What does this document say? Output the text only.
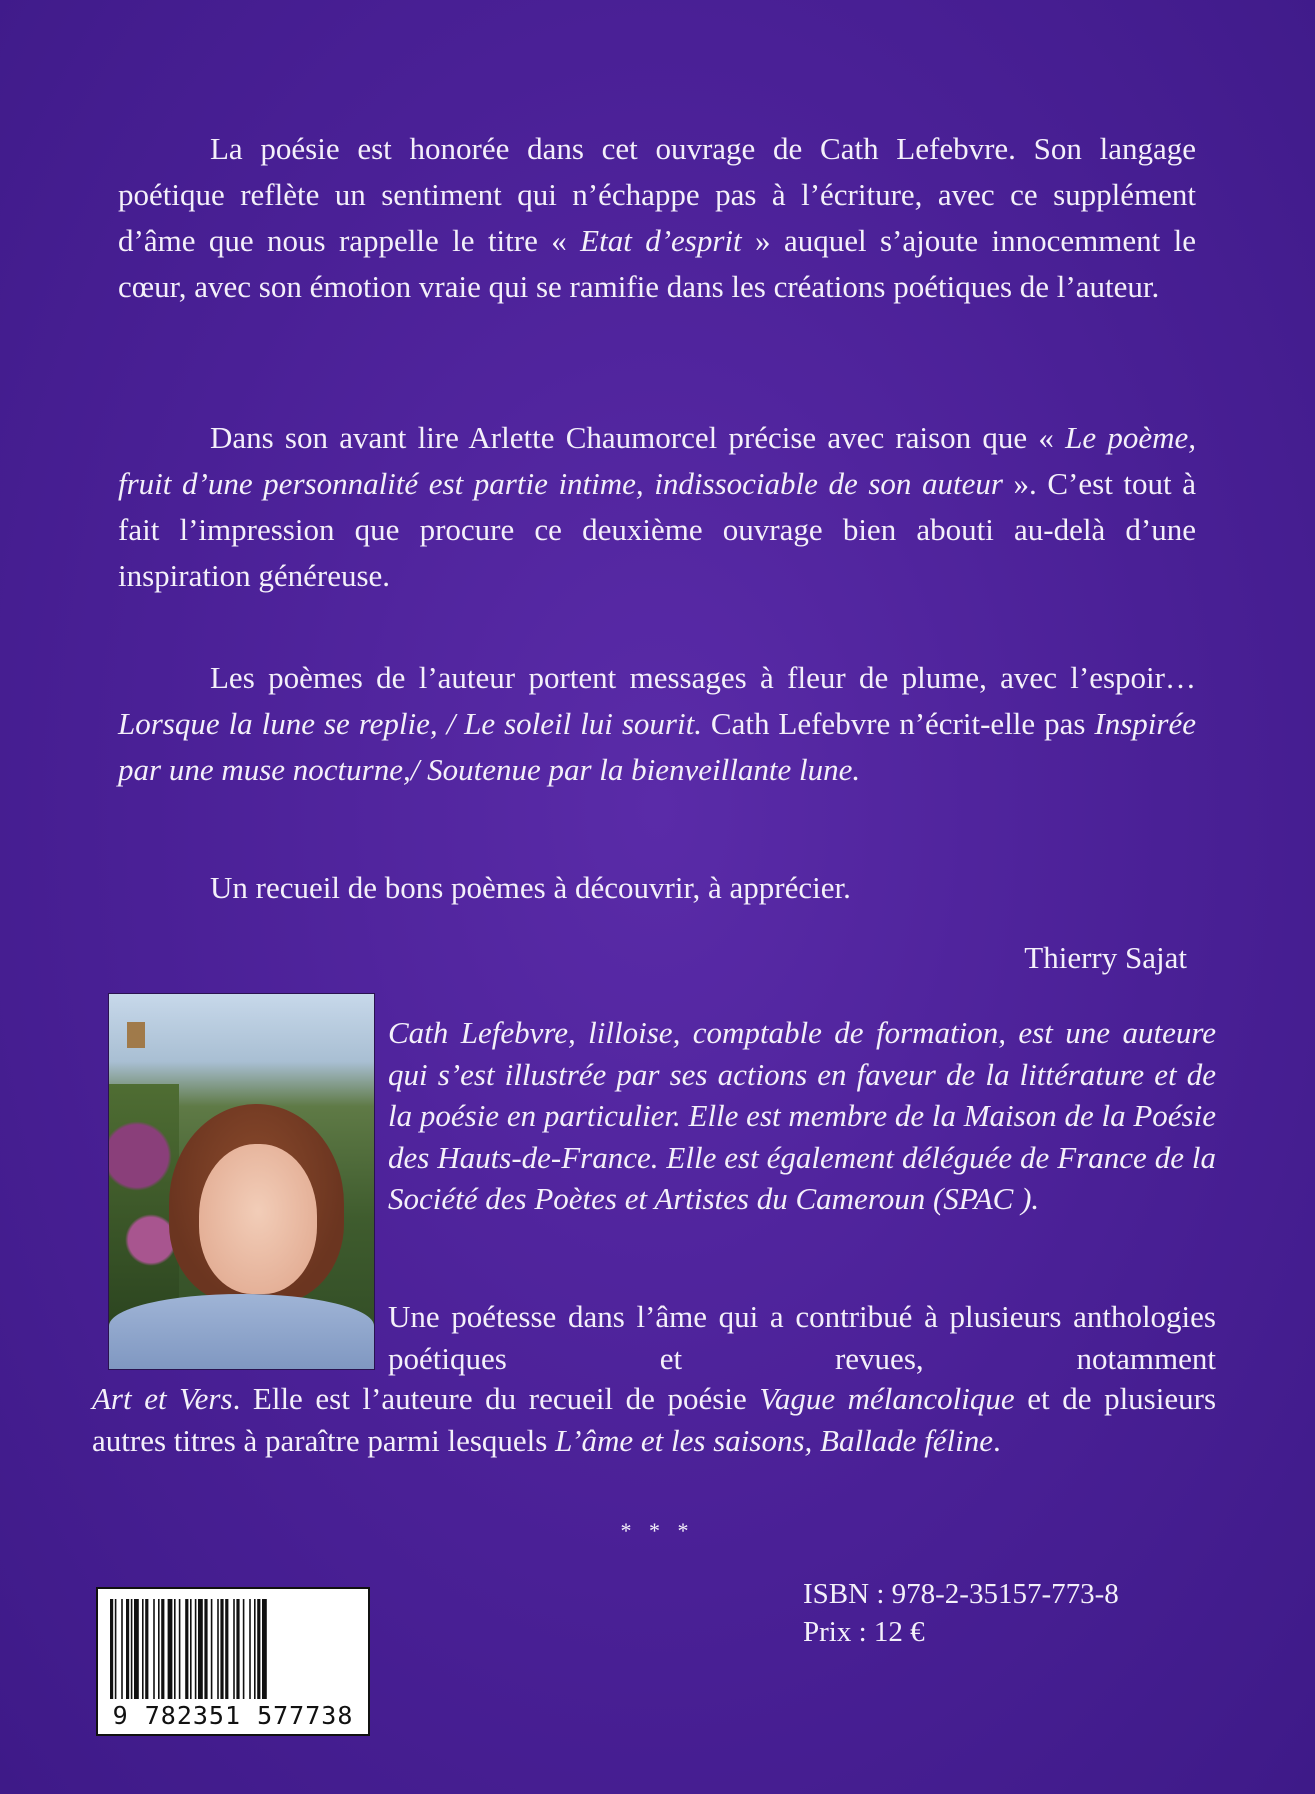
La poésie est honorée dans cet ouvrage de Cath Lefebvre. Son langage poétique reflète un sentiment qui n’échappe pas à l’écriture, avec ce supplément d’âme que nous rappelle le titre « Etat d’esprit » auquel s’ajoute innocemment le cœur, avec son émotion vraie qui se ramifie dans les créations poétiques de l’auteur.

Dans son avant lire Arlette Chaumorcel précise avec raison que « Le poème, fruit d’une personnalité est partie intime, indissociable de son auteur ». C’est tout à fait l’impression que procure ce deuxième ouvrage bien abouti au-delà d’une inspiration généreuse.

Les poèmes de l’auteur portent messages à fleur de plume, avec l’espoir… Lorsque la lune se replie, / Le soleil lui sourit. Cath Lefebvre n’écrit-elle pas Inspirée par une muse nocturne,/ Soutenue par la bienveillante lune.

Un recueil de bons poèmes à découvrir, à apprécier.

Thierry Sajat

Cath Lefebvre, lilloise, comptable de formation, est une auteure qui s’est illustrée par ses actions en faveur de la littérature et de la poésie en particulier. Elle est membre de la Maison de la Poésie des Hauts-de-France. Elle est également déléguée de France de la Société des Poètes et Artistes du Cameroun (SPAC ).

Une poétesse dans l’âme qui a contribué à plusieurs anthologies poétiques et revues, notamment

Art et Vers. Elle est l’auteure du recueil de poésie Vague mélancolique et de plusieurs autres titres à paraître parmi lesquels L’âme et les saisons, Ballade féline.

* * *
9 782351 577738

ISBN : 978-2-35157-773-8

Prix : 12 €
